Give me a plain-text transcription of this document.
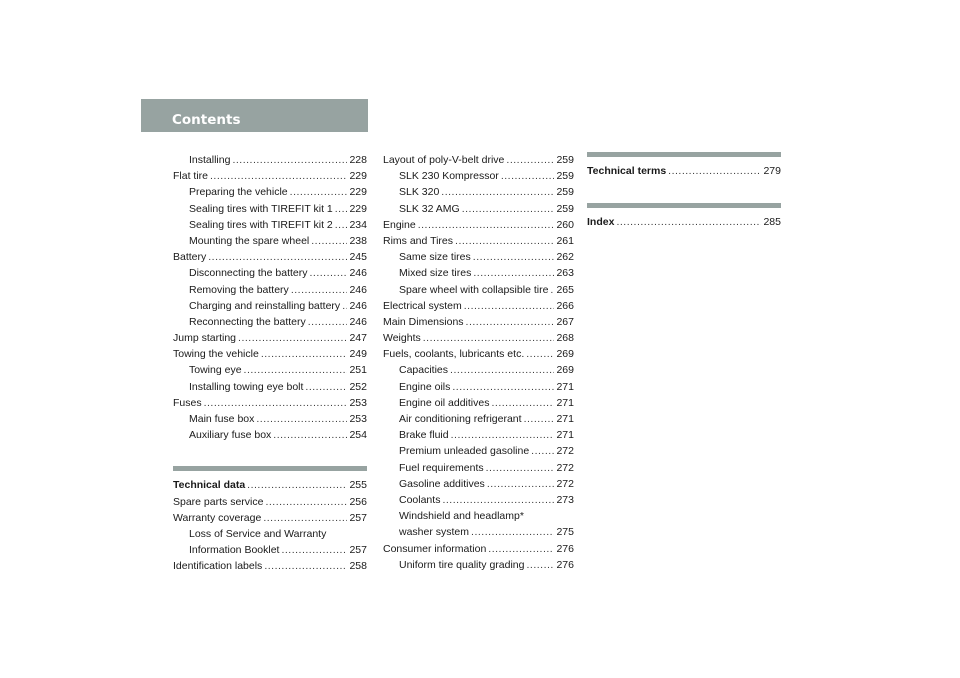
Contents
Installing .....	228
Flat tire .....	229
Preparing the vehicle .....	229
Sealing tires with TIREFIT kit 1 ..... 229
Sealing tires with TIREFIT kit 2 ..... 234
Mounting the spare wheel .....	238
Battery .....	245
Disconnecting the battery .....	246
Removing the battery .....	246
Charging and reinstalling battery ..... 246
Reconnecting the battery .....	246
Jump starting .....	247
Towing the vehicle .....	249
Towing eye .....	251
Installing towing eye bolt .....	252
Fuses .....	253
Main fuse box .....	253
Auxiliary fuse box .....	254
Technical data .....	255
Spare parts service .....	256
Warranty coverage .....	257
Loss of Service and Warranty
Information Booklet .....	257
Identification labels .....	258
Layout of poly-V-belt drive .....	259
SLK 230 Kompressor .....	259
SLK 320 .....	259
SLK 32 AMG .....	259
Engine .....	260
Rims and Tires .....	261
Same size tires .....	262
Mixed size tires .....	263
Spare wheel with collapsible tire ..... 265
Electrical system .....	266
Main Dimensions .....	267
Weights .....	268
Fuels, coolants, lubricants etc. .....	269
Capacities .....	269
Engine oils .....	271
Engine oil additives .....	271
Air conditioning refrigerant .....	271
Brake fluid .....	271
Premium unleaded gasoline .....	272
Fuel requirements .....	272
Gasoline additives .....	272
Coolants .....	273
Windshield and headlamp*
washer system .....	275
Consumer information .....	276
Uniform tire quality grading .....	276
Technical terms .....	279
Index .....	285
